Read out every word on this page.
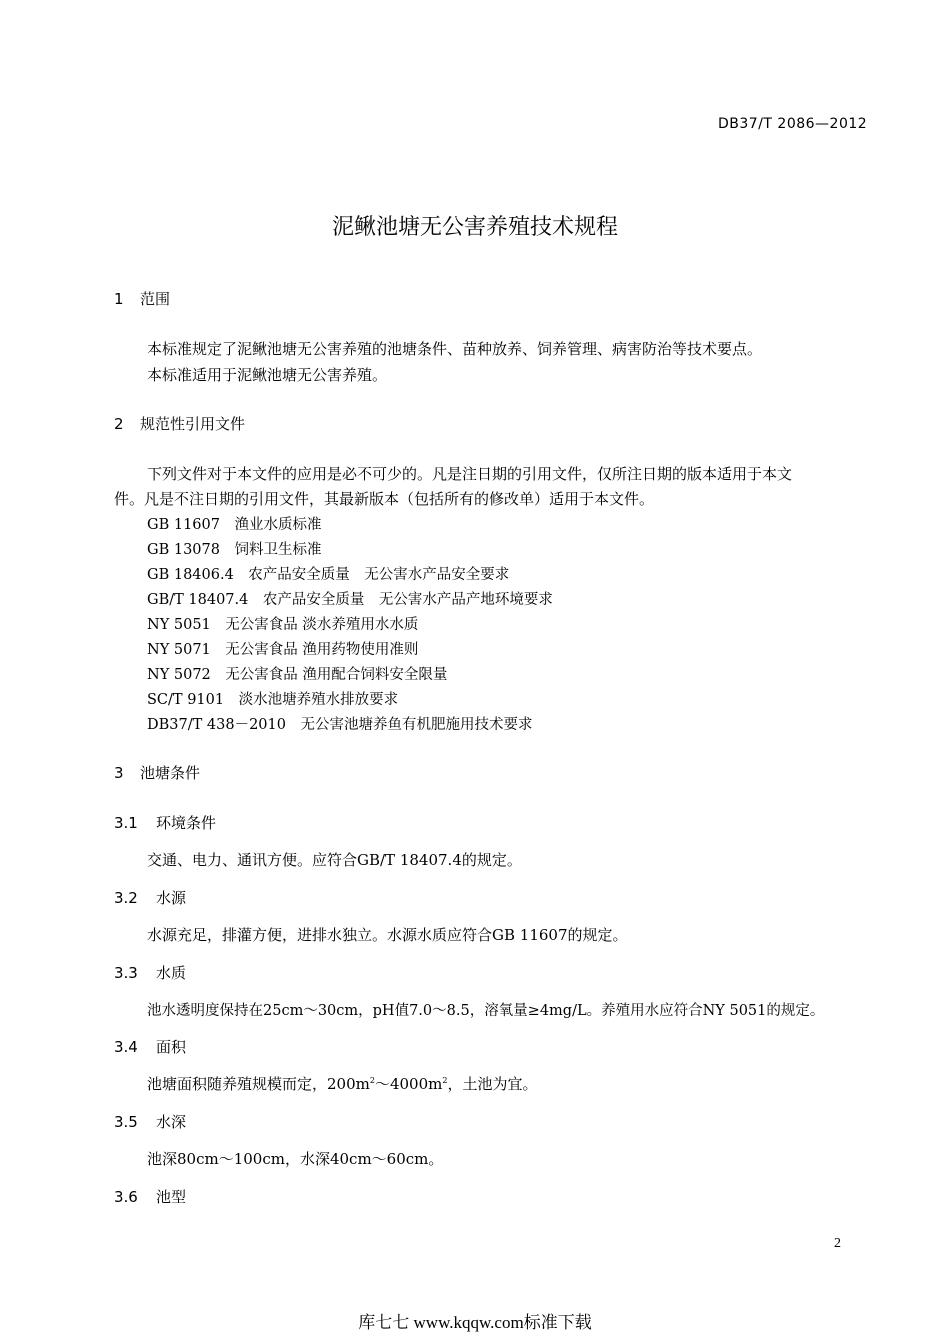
DB37/T 2086—2012
泥鳅池塘无公害养殖技术规程
1 范围
本标准规定了泥鳅池塘无公害养殖的池塘条件、苗种放养、饲养管理、病害防治等技术要点。
本标准适用于泥鳅池塘无公害养殖。
2 规范性引用文件
下列文件对于本文件的应用是必不可少的。凡是注日期的引用文件，仅所注日期的版本适用于本文
件。凡是不注日期的引用文件，其最新版本（包括所有的修改单）适用于本文件。
GB 11607　渔业水质标准
GB 13078　饲料卫生标准
GB 18406.4　农产品安全质量　无公害水产品安全要求
GB/T 18407.4　农产品安全质量　无公害水产品产地环境要求
NY 5051　无公害食品 淡水养殖用水水质
NY 5071　无公害食品 渔用药物使用准则
NY 5072　无公害食品 渔用配合饲料安全限量
SC/T 9101　淡水池塘养殖水排放要求
DB37/T 438－2010　无公害池塘养鱼有机肥施用技术要求
3 池塘条件
3.1 环境条件
交通、电力、通讯方便。应符合GB/T 18407.4的规定。
3.2 水源
水源充足，排灌方便，进排水独立。水源水质应符合GB 11607的规定。
3.3 水质
池水透明度保持在25cm～30cm，pH值7.0～8.5，溶氧量≥4mg/L。养殖用水应符合NY 5051的规定。
3.4 面积
池塘面积随养殖规模而定，$200m^2\sim 4000m^2$，土池为宜。
3.5 水深
池深80cm～100cm，水深40cm～60cm。
3.6 池型
2
库七七 www.kqqw.com标准下载
